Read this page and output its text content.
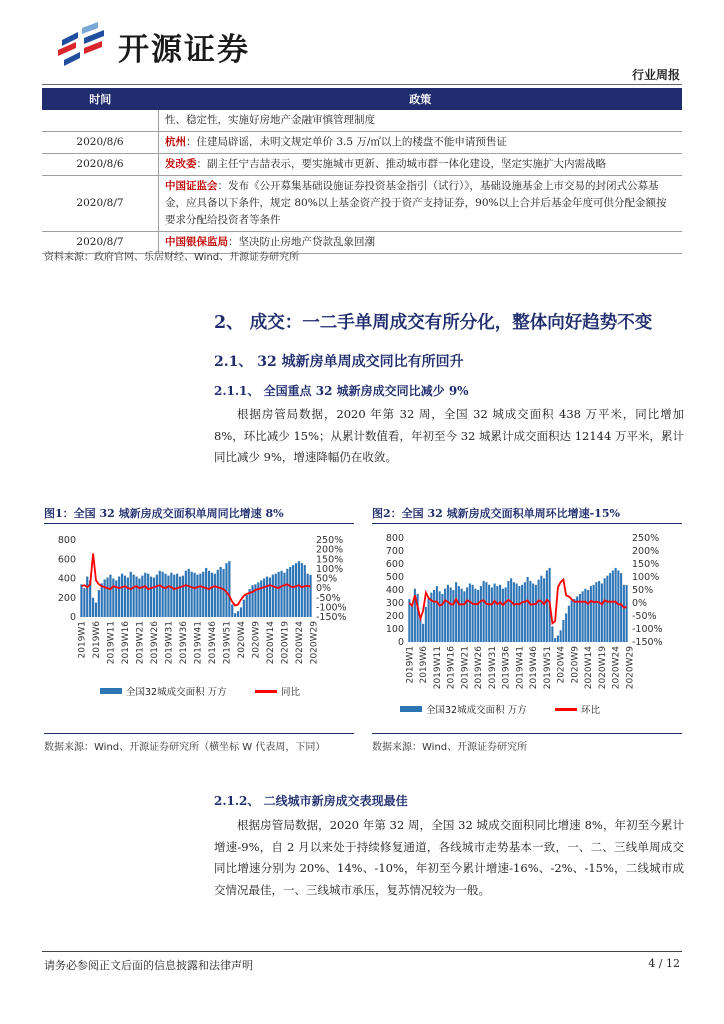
开源证券
行业周报
时间	政策
	性、稳定性，实施好房地产金融审慎管理制度
2020/8/6	杭州：住建局辟谣，未明文规定单价 3.5 万/㎡以上的楼盘不能申请预售证
2020/8/6	发改委：副主任宁吉喆表示，要实施城市更新、推动城市群一体化建设，坚定实施扩大内需战略
2020/8/7	中国证监会：发布《公开募集基础设施证券投资基金指引（试行）》，基础设施基金上市交易的封闭式公募基金，应具备以下条件，规定 80%以上基金资产投于资产支持证券，90%以上合并后基金年度可供分配金额按要求分配给投资者等条件
2020/8/7	中国银保监局：坚决防止房地产贷款乱象回潮
资料来源：政府官网、乐居财经、Wind、开源证券研究所
2、 成交：一二手单周成交有所分化，整体向好趋势不变
2.1、 32 城新房单周成交同比有所回升
2.1.1、 全国重点 32 城新房成交同比减少 9%
根据房管局数据，2020 年第 32 周，全国 32 城成交面积 438 万平米，同比增加 8%，环比减少 15%；从累计数值看，年初至今 32 城累计成交面积达 12144 万平米，累计同比减少 9%，增速降幅仍在收敛。
图1：全国 32 城新房成交面积单周同比增速 8%
0
200
400
600
800
-150%
-100%
-50%
0%
50%
100%
150%
200%
250%
2019W1 2019W6 2019W11 2019W16 2019W21 2019W26 2019W31 2019W36 2019W41 2019W46 2019W51 2020W4 2020W9 2020W14 2020W19 2020W24 2020W29
全国32城成交面积 万方	同比
数据来源：Wind、开源证券研究所（横坐标 W 代表周，下同）
图2：全国 32 城新房成交面积单周环比增速-15%
0
100
200
300
400
500
600
700
800
-150%
-100%
-50%
0%
50%
100%
150%
200%
250%
2019W1 2019W6 2019W11 2019W16 2019W21 2019W26 2019W31 2019W36 2019W41 2019W46 2019W51 2020W4 2020W9 2020W14 2020W19 2020W24 2020W29
全国32城成交面积 万方	环比
数据来源：Wind、开源证券研究所
2.1.2、 二线城市新房成交表现最佳
根据房管局数据，2020 年第 32 周，全国 32 城成交面积同比增速 8%，年初至今累计增速-9%，自 2 月以来处于持续修复通道，各线城市走势基本一致，一、二、三线单周成交同比增速分别为 20%、14%、-10%，年初至今累计增速-16%、-2%、-15%，二线城市成交情况最佳，一、三线城市承压，复苏情况较为一般。
请务必参阅正文后面的信息披露和法律声明	4 / 12
